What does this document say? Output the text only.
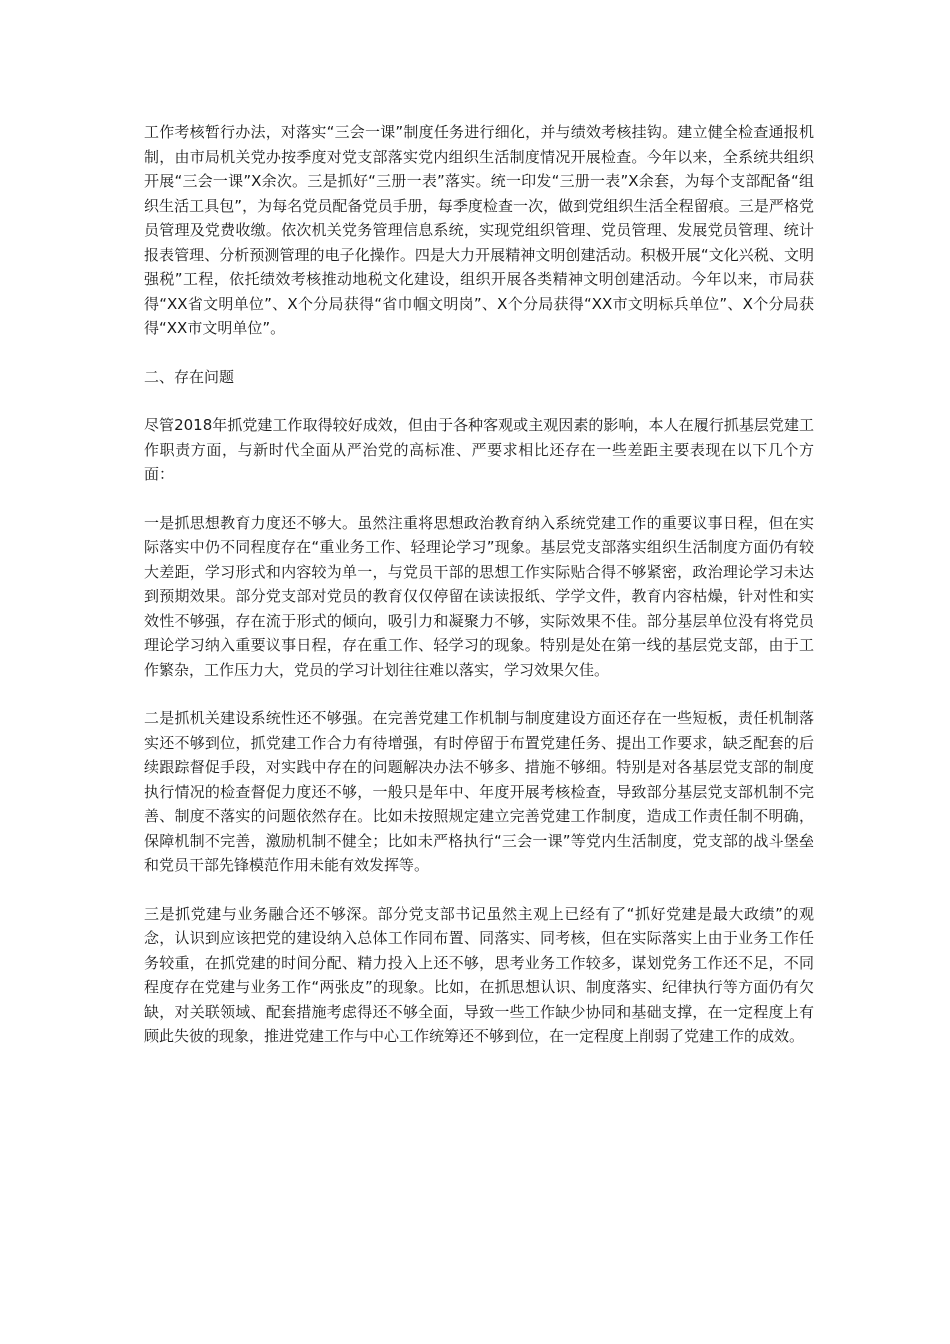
工作考核暂行办法，对落实“三会一课”制度任务进行细化，并与绩效考核挂钩。建立健全检查通报机制，由市局机关党办按季度对党支部落实党内组织生活制度情况开展检查。今年以来，全系统共组织开展“三会一课”X余次。三是抓好“三册一表”落实。统一印发“三册一表”X余套，为每个支部配备“组织生活工具包”，为每名党员配备党员手册，每季度检查一次，做到党组织生活全程留痕。三是严格党员管理及党费收缴。依次机关党务管理信息系统，实现党组织管理、党员管理、发展党员管理、统计报表管理、分析预测管理的电子化操作。四是大力开展精神文明创建活动。积极开展“文化兴税、文明强税”工程，依托绩效考核推动地税文化建设，组织开展各类精神文明创建活动。今年以来，市局获得“XX省文明单位”、X个分局获得“省巾帼文明岗”、X个分局获得“XX市文明标兵单位”、X个分局获得“XX市文明单位”。

二、存在问题

尽管2018年抓党建工作取得较好成效，但由于各种客观或主观因素的影响，本人在履行抓基层党建工作职责方面，与新时代全面从严治党的高标准、严要求相比还存在一些差距主要表现在以下几个方面：

一是抓思想教育力度还不够大。虽然注重将思想政治教育纳入系统党建工作的重要议事日程，但在实际落实中仍不同程度存在“重业务工作、轻理论学习”现象。基层党支部落实组织生活制度方面仍有较大差距，学习形式和内容较为单一，与党员干部的思想工作实际贴合得不够紧密，政治理论学习未达到预期效果。部分党支部对党员的教育仅仅停留在读读报纸、学学文件，教育内容枯燥，针对性和实效性不够强，存在流于形式的倾向，吸引力和凝聚力不够，实际效果不佳。部分基层单位没有将党员理论学习纳入重要议事日程，存在重工作、轻学习的现象。特别是处在第一线的基层党支部，由于工作繁杂，工作压力大，党员的学习计划往往难以落实，学习效果欠佳。

二是抓机关建设系统性还不够强。在完善党建工作机制与制度建设方面还存在一些短板，责任机制落实还不够到位，抓党建工作合力有待增强，有时停留于布置党建任务、提出工作要求，缺乏配套的后续跟踪督促手段，对实践中存在的问题解决办法不够多、措施不够细。特别是对各基层党支部的制度执行情况的检查督促力度还不够，一般只是年中、年度开展考核检查，导致部分基层党支部机制不完善、制度不落实的问题依然存在。比如未按照规定建立完善党建工作制度，造成工作责任制不明确，保障机制不完善，激励机制不健全；比如未严格执行“三会一课”等党内生活制度，党支部的战斗堡垒和党员干部先锋模范作用未能有效发挥等。

三是抓党建与业务融合还不够深。部分党支部书记虽然主观上已经有了“抓好党建是最大政绩”的观念，认识到应该把党的建设纳入总体工作同布置、同落实、同考核，但在实际落实上由于业务工作任务较重，在抓党建的时间分配、精力投入上还不够，思考业务工作较多，谋划党务工作还不足，不同程度存在党建与业务工作“两张皮”的现象。比如，在抓思想认识、制度落实、纪律执行等方面仍有欠缺，对关联领域、配套措施考虑得还不够全面，导致一些工作缺少协同和基础支撑，在一定程度上有顾此失彼的现象，推进党建工作与中心工作统筹还不够到位，在一定程度上削弱了党建工作的成效。
